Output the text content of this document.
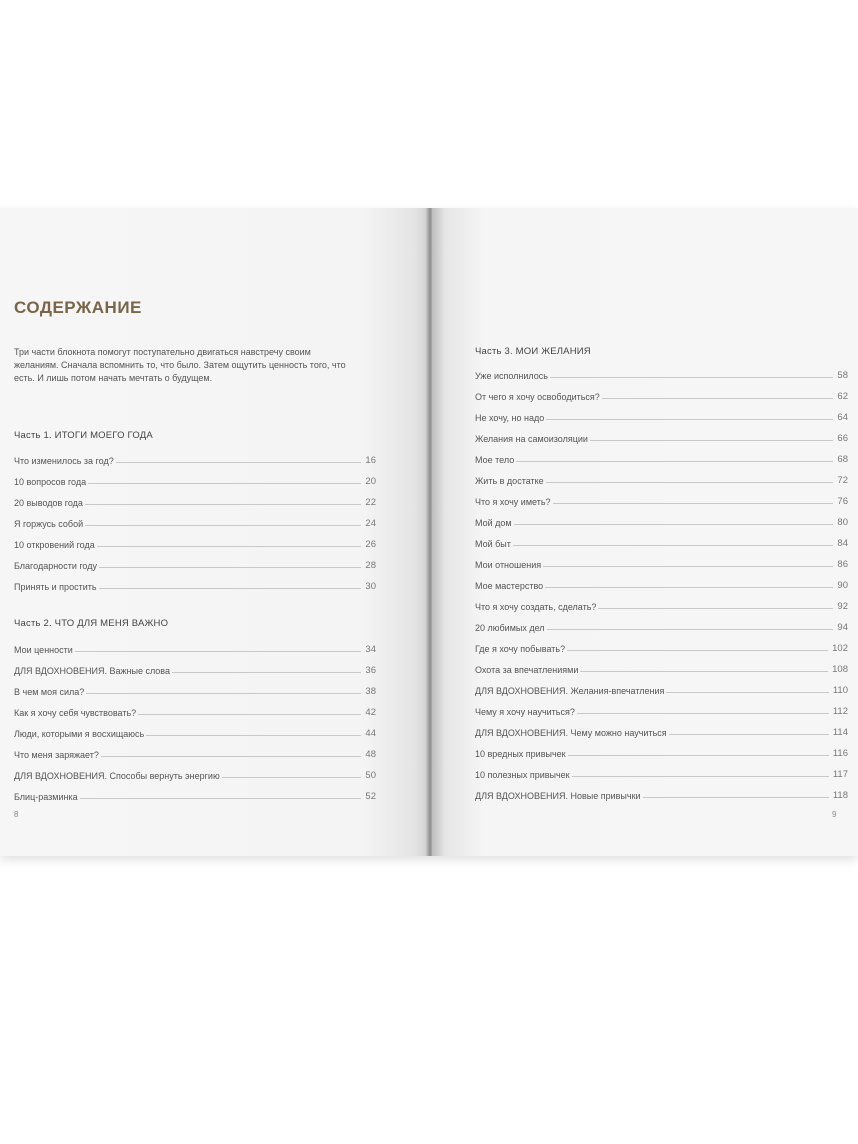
СОДЕРЖАНИЕ
Три части блокнота помогут поступательно двигаться навстречу своим желаниям. Сначала вспомнить то, что было. Затем ощутить ценность того, что есть. И лишь потом начать мечтать о будущем.
Часть 1. ИТОГИ МОЕГО ГОДА
Что изменилось за год?	16
10 вопросов года	20
20 выводов года	22
Я горжусь собой	24
10 откровений года	26
Благодарности году	28
Принять и простить	30
Часть 2. ЧТО ДЛЯ МЕНЯ ВАЖНО
Мои ценности	34
ДЛЯ ВДОХНОВЕНИЯ. Важные слова	36
В чем моя сила?	38
Как я хочу себя чувствовать?	42
Люди, которыми я восхищаюсь	44
Что меня заряжает?	48
ДЛЯ ВДОХНОВЕНИЯ. Способы вернуть энергию	50
Блиц-разминка	52
8
Часть 3. МОИ ЖЕЛАНИЯ
Уже исполнилось	58
От чего я хочу освободиться?	62
Не хочу, но надо	64
Желания на самоизоляции	66
Мое тело	68
Жить в достатке	72
Что я хочу иметь?	76
Мой дом	80
Мой быт	84
Мои отношения	86
Мое мастерство	90
Что я хочу создать, сделать?	92
20 любимых дел	94
Где я хочу побывать?	102
Охота за впечатлениями	108
ДЛЯ ВДОХНОВЕНИЯ. Желания-впечатления	110
Чему я хочу научиться?	112
ДЛЯ ВДОХНОВЕНИЯ. Чему можно научиться	114
10 вредных привычек	116
10 полезных привычек	117
ДЛЯ ВДОХНОВЕНИЯ. Новые привычки	118
9
